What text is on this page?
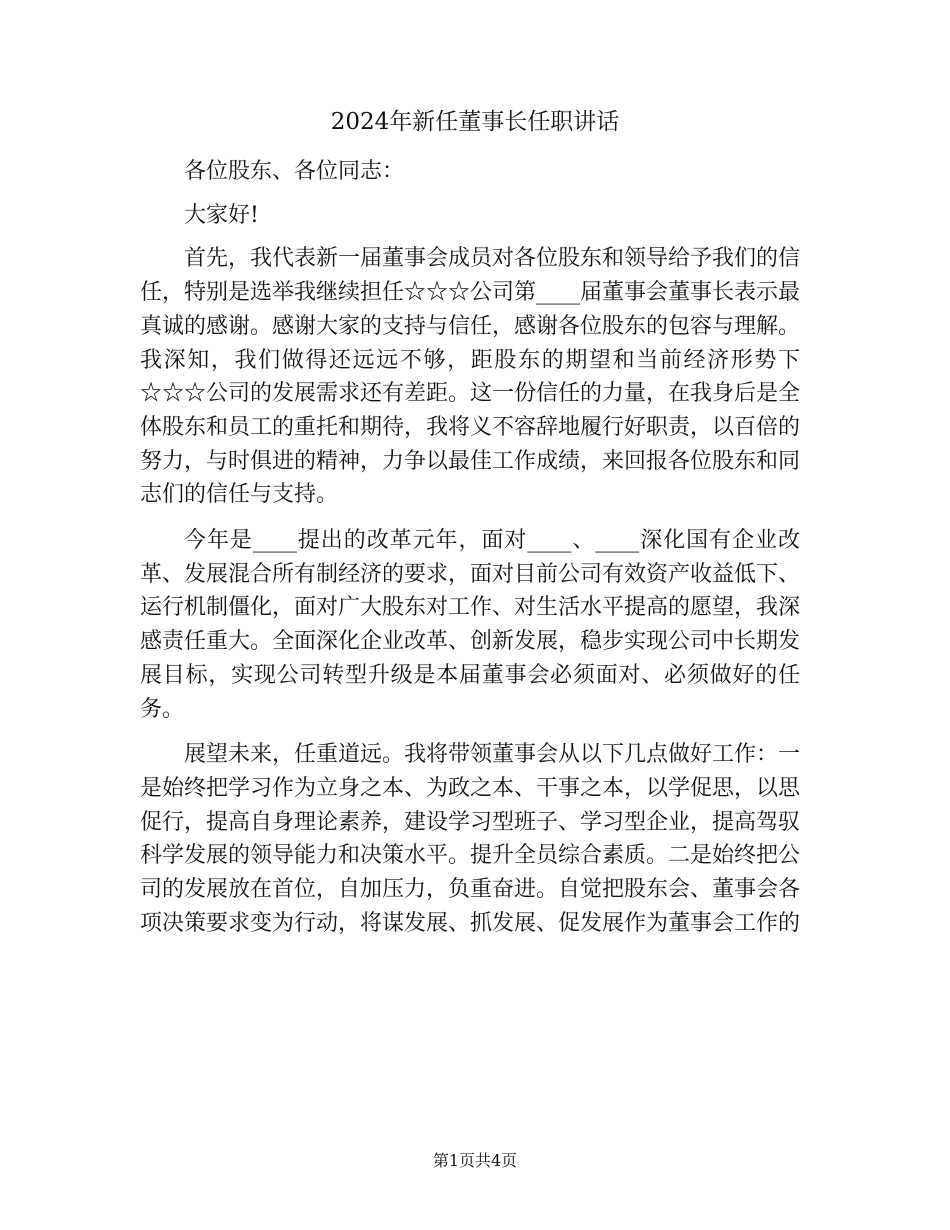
2024年新任董事长任职讲话

各位股东、各位同志：

大家好!

首先，我代表新一届董事会成员对各位股东和领导给予我们的信任，特别是选举我继续担任☆☆☆公司第____届董事会董事长表示最真诚的感谢。感谢大家的支持与信任，感谢各位股东的包容与理解。我深知，我们做得还远远不够，距股东的期望和当前经济形势下☆☆☆公司的发展需求还有差距。这一份信任的力量，在我身后是全体股东和员工的重托和期待，我将义不容辞地履行好职责，以百倍的努力，与时俱进的精神，力争以最佳工作成绩，来回报各位股东和同志们的信任与支持。

今年是____提出的改革元年，面对____、____深化国有企业改革、发展混合所有制经济的要求，面对目前公司有效资产收益低下、运行机制僵化，面对广大股东对工作、对生活水平提高的愿望，我深感责任重大。全面深化企业改革、创新发展，稳步实现公司中长期发展目标，实现公司转型升级是本届董事会必须面对、必须做好的任务。

展望未来，任重道远。我将带领董事会从以下几点做好工作：一是始终把学习作为立身之本、为政之本、干事之本，以学促思，以思促行，提高自身理论素养，建设学习型班子、学习型企业，提高驾驭科学发展的领导能力和决策水平。提升全员综合素质。二是始终把公司的发展放在首位，自加压力，负重奋进。自觉把股东会、董事会各项决策要求变为行动，将谋发展、抓发展、促发展作为董事会工作的

第1页共4页
